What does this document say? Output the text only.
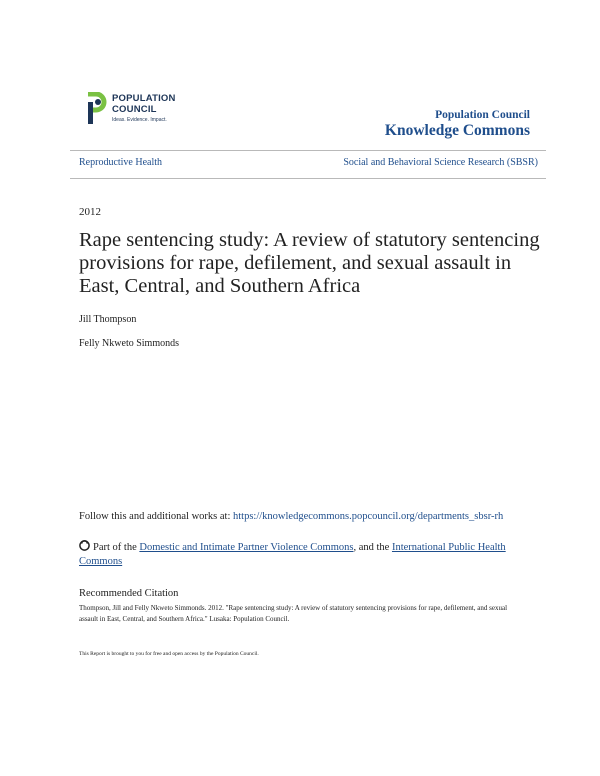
POPULATION
COUNCIL
Ideas. Evidence. Impact.	Population Council
Knowledge Commons
Reproductive Health	Social and Behavioral Science Research (SBSR)
2012
Rape sentencing study: A review of statutory sentencing provisions for rape, defilement, and sexual assault in East, Central, and Southern Africa
Jill Thompson
Felly Nkweto Simmonds
Follow this and additional works at: https://knowledgecommons.popcouncil.org/departments_sbsr-rh
Part of the Domestic and Intimate Partner Violence Commons, and the International Public Health Commons
Recommended Citation
Thompson, Jill and Felly Nkweto Simmonds. 2012. "Rape sentencing study: A review of statutory sentencing provisions for rape, defilement, and sexual assault in East, Central, and Southern Africa." Lusaka: Population Council.
This Report is brought to you for free and open access by the Population Council.
